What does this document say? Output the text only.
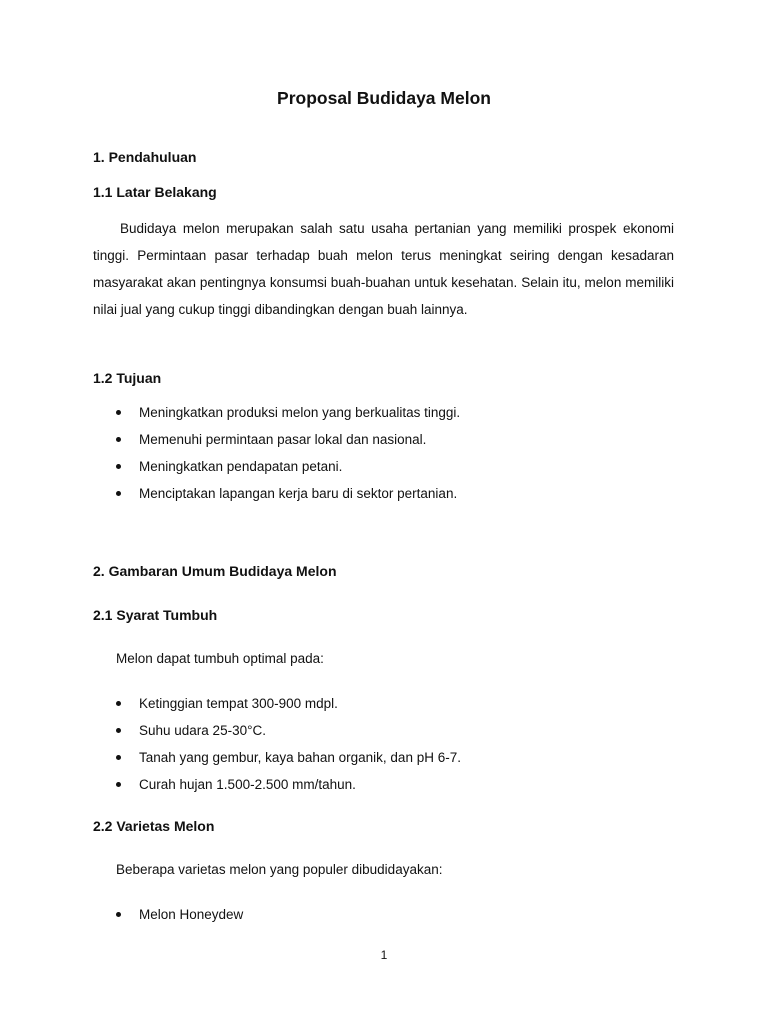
Proposal Budidaya Melon
1. Pendahuluan
1.1 Latar Belakang

Budidaya melon merupakan salah satu usaha pertanian yang memiliki prospek ekonomi tinggi. Permintaan pasar terhadap buah melon terus meningkat seiring dengan kesadaran masyarakat akan pentingnya konsumsi buah-buahan untuk kesehatan. Selain itu, melon memiliki nilai jual yang cukup tinggi dibandingkan dengan buah lainnya.

1.2 Tujuan
Meningkatkan produksi melon yang berkualitas tinggi.
Memenuhi permintaan pasar lokal dan nasional.
Meningkatkan pendapatan petani.
Menciptakan lapangan kerja baru di sektor pertanian.
2. Gambaran Umum Budidaya Melon
2.1 Syarat Tumbuh
Melon dapat tumbuh optimal pada:
Ketinggian tempat 300-900 mdpl.
Suhu udara 25-30°C.
Tanah yang gembur, kaya bahan organik, dan pH 6-7.
Curah hujan 1.500-2.500 mm/tahun.
2.2 Varietas Melon
Beberapa varietas melon yang populer dibudidayakan:
Melon Honeydew
1
